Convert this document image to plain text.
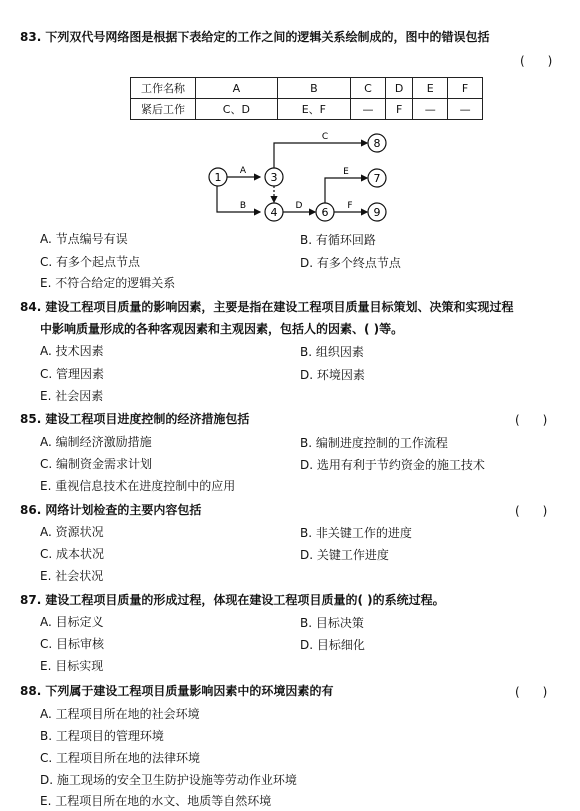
83. 下列双代号网络图是根据下表给定的工作之间的逻辑关系绘制成的，图中的错误包括
(      )
工作名称	A	B	C	D	E	F
紧后工作	C、D	E、F	—	F	—	—
1	3
4	6
7
8
9
A
B
C
D
E
F
A. 节点编号有误	B. 有循环回路
C. 有多个起点节点	D. 有多个终点节点
E. 不符合给定的逻辑关系
84. 建设工程项目质量的影响因素，主要是指在建设工程项目质量目标策划、决策和实现过程
中影响质量形成的各种客观因素和主观因素，包括人的因素、( )等。
A. 技术因素	B. 组织因素
C. 管理因素	D. 环境因素
E. 社会因素
85. 建设工程项目进度控制的经济措施包括	(      )
A. 编制经济激励措施	B. 编制进度控制的工作流程
C. 编制资金需求计划	D. 选用有利于节约资金的施工技术
E. 重视信息技术在进度控制中的应用
86. 网络计划检查的主要内容包括	(      )
A. 资源状况	B. 非关键工作的进度
C. 成本状况	D. 关键工作进度
E. 社会状况
87. 建设工程项目质量的形成过程，体现在建设工程项目质量的( )的系统过程。
A. 目标定义	B. 目标决策
C. 目标审核	D. 目标细化
E. 目标实现
88. 下列属于建设工程项目质量影响因素中的环境因素的有	(      )
A. 工程项目所在地的社会环境
B. 工程项目的管理环境
C. 工程项目所在地的法律环境
D. 施工现场的安全卫生防护设施等劳动作业环境
E. 工程项目所在地的水文、地质等自然环境
